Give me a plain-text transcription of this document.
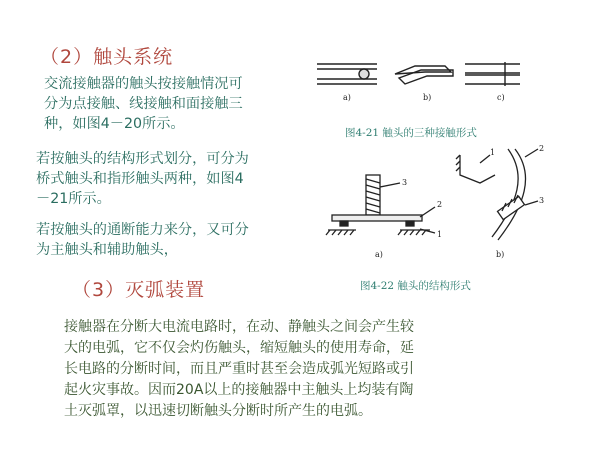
（2）触头系统
交流接触器的触头按接触情况可
分为点接触、线接触和面接触三
种，如图4－20所示。
若按触头的结构形式划分，可分为
桥式触头和指形触头两种，如图4
－21所示。
若按触头的通断能力来分，又可分
为主触头和辅助触头，
（3）灭弧装置
接触器在分断大电流电路时，在动、静触头之间会产生较
大的电弧，它不仅会灼伤触头，缩短触头的使用寿命，延
长电路的分断时间，而且严重时甚至会造成弧光短路或引
起火灾事故。因而20A以上的接触器中主触头上均装有陶
土灭弧罩，以迅速切断触头分断时所产生的电弧。
a)	b)	c)
图4-21 触头的三种接触形式
3
2
1
a)
1	2
3
b)
图4-22 触头的结构形式
